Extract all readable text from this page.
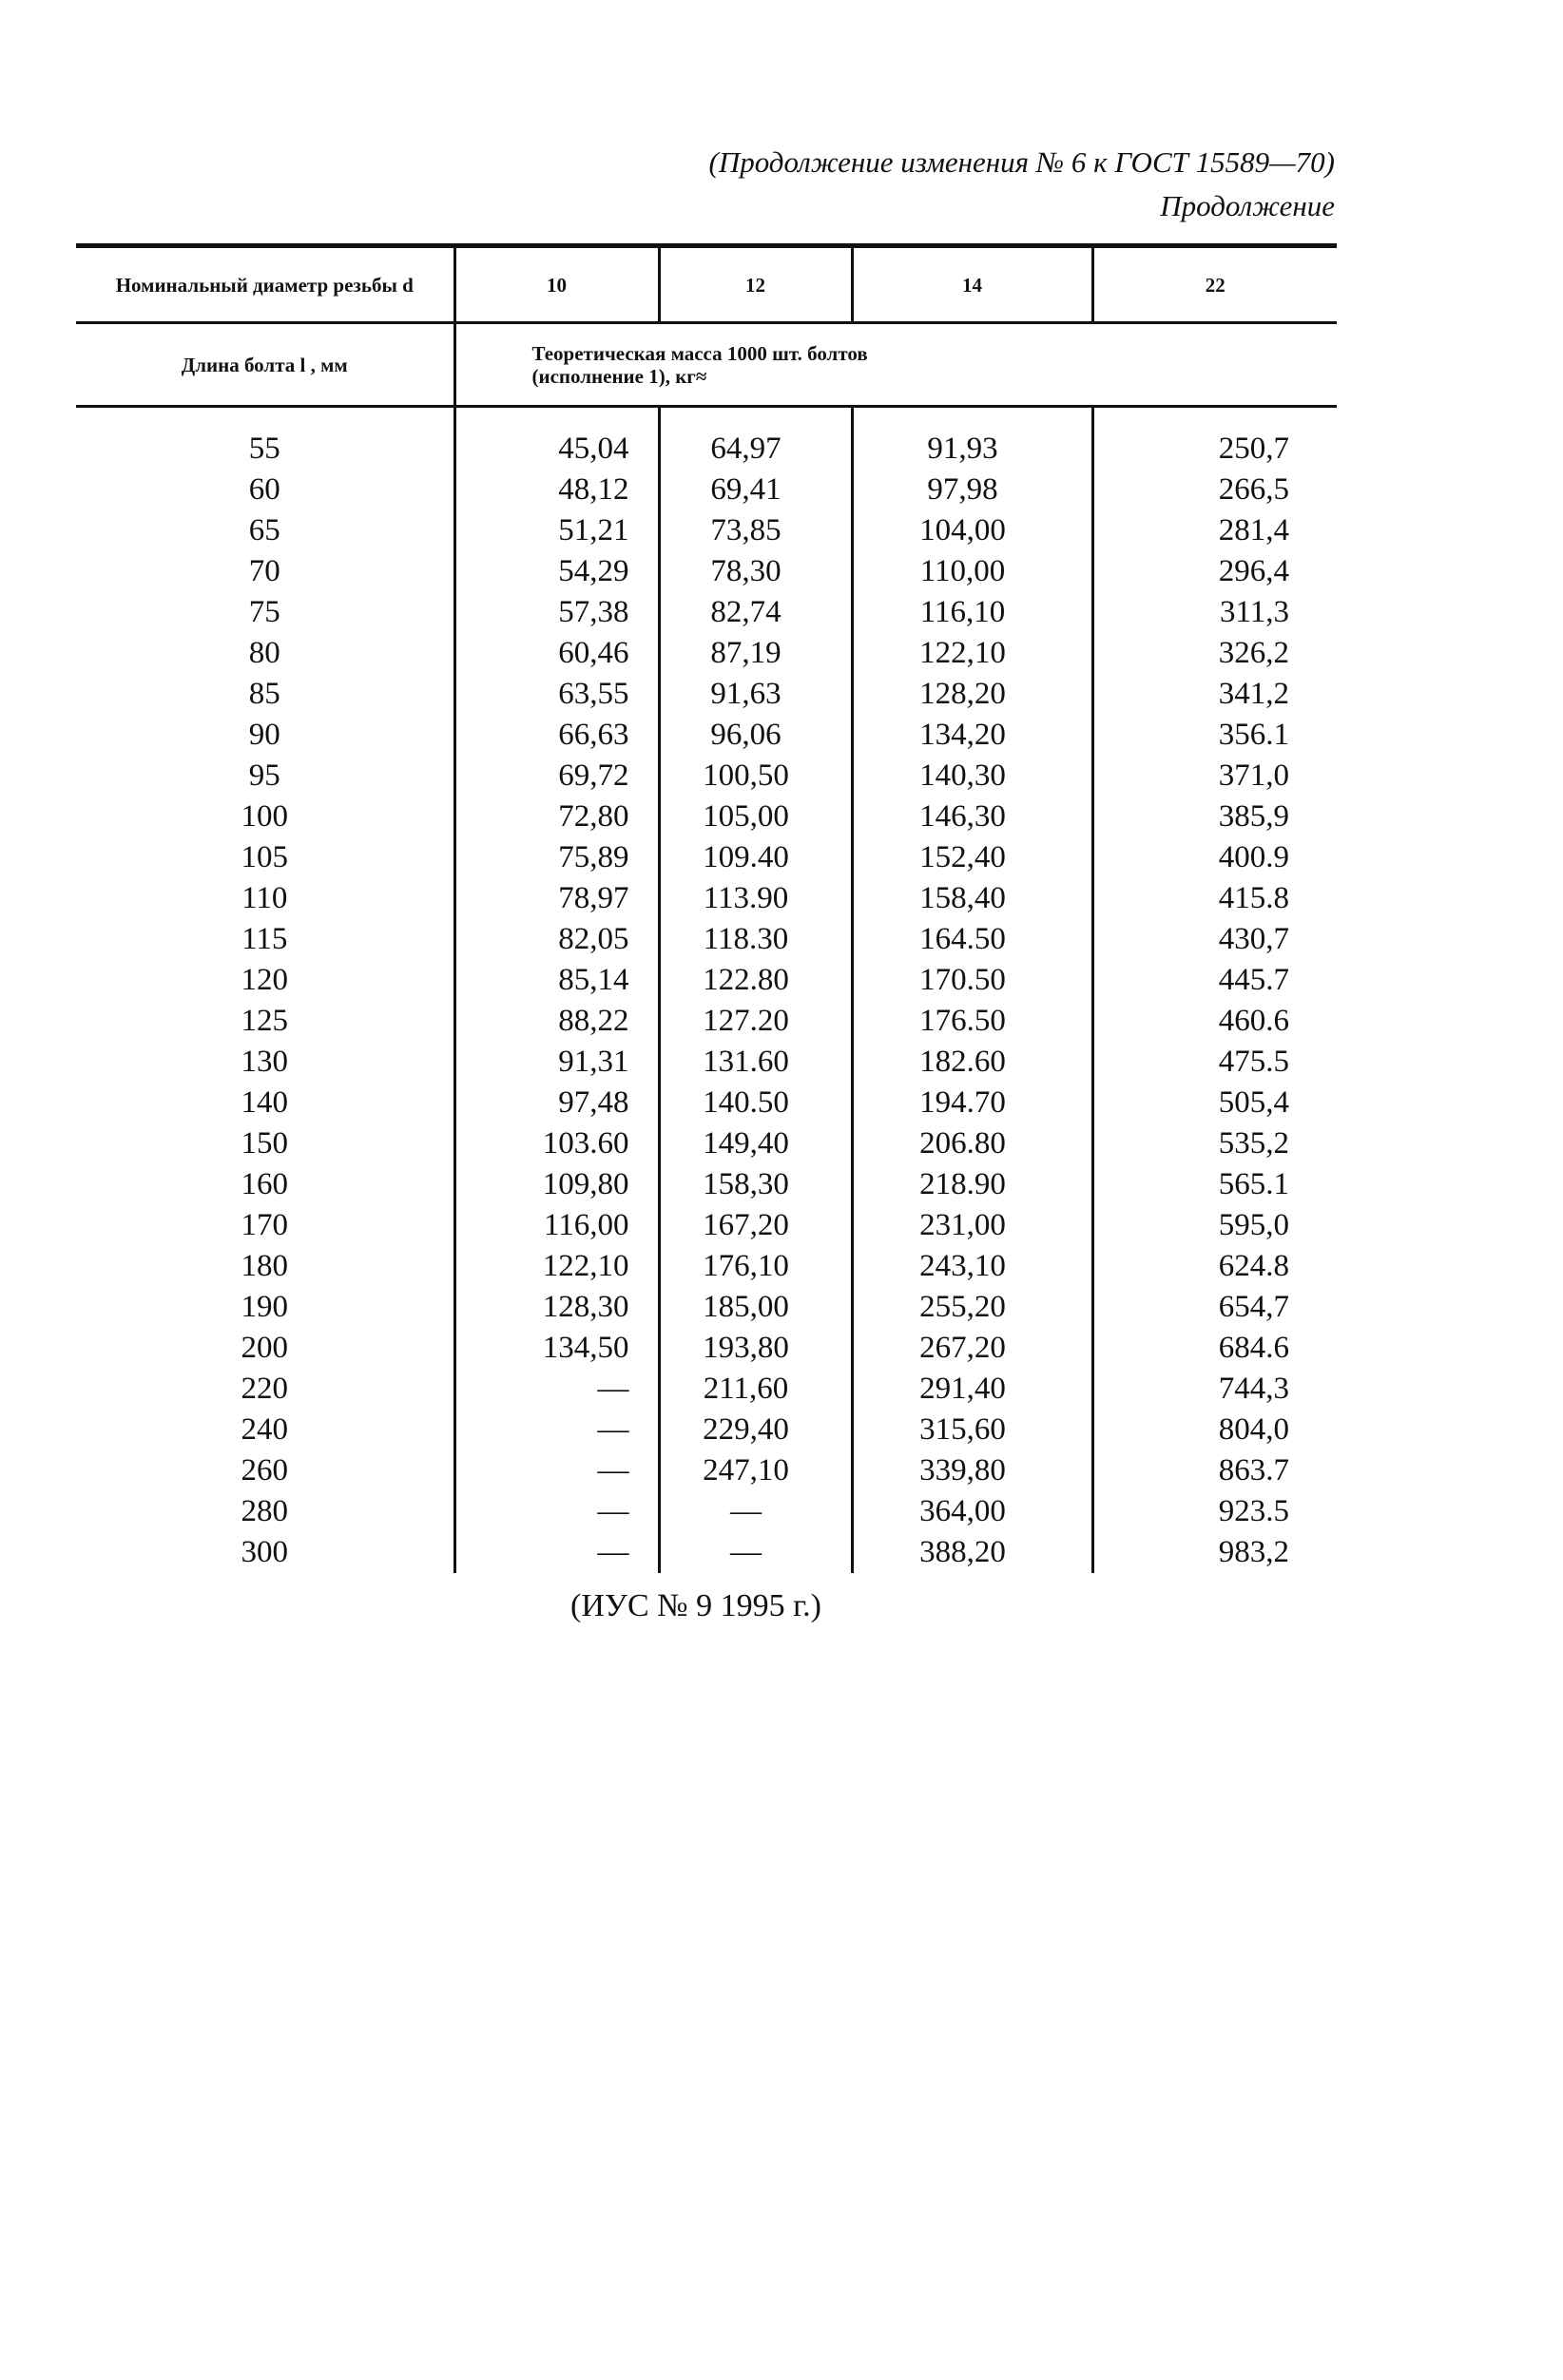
(Продолжение изменения № 6 к ГОСТ 15589—70)
Продолжение
Номинальный диаметр резьбы d	10	12	14	22
Длина болта l , мм	Теоретическая масса 1000 шт. болтов
(исполнение 1), кг≈			

55	45,04	64,97	91,93	250,7
60	48,12	69,41	97,98	266,5
65	51,21	73,85	104,00	281,4
70	54,29	78,30	110,00	296,4
75	57,38	82,74	116,10	311,3
80	60,46	87,19	122,10	326,2
85	63,55	91,63	128,20	341,2
90	66,63	96,06	134,20	356.1
95	69,72	100,50	140,30	371,0
100	72,80	105,00	146,30	385,9
105	75,89	109.40	152,40	400.9
110	78,97	113.90	158,40	415.8
115	82,05	118.30	164.50	430,7
120	85,14	122.80	170.50	445.7
125	88,22	127.20	176.50	460.6
130	91,31	131.60	182.60	475.5
140	97,48	140.50	194.70	505,4
150	103.60	149,40	206.80	535,2
160	109,80	158,30	218.90	565.1
170	116,00	167,20	231,00	595,0
180	122,10	176,10	243,10	624.8
190	128,30	185,00	255,20	654,7
200	134,50	193,80	267,20	684.6
220	—	211,60	291,40	744,3
240	—	229,40	315,60	804,0
260	—	247,10	339,80	863.7
280	—	—	364,00	923.5
300	—	—	388,20	983,2
(ИУС № 9 1995 г.)
